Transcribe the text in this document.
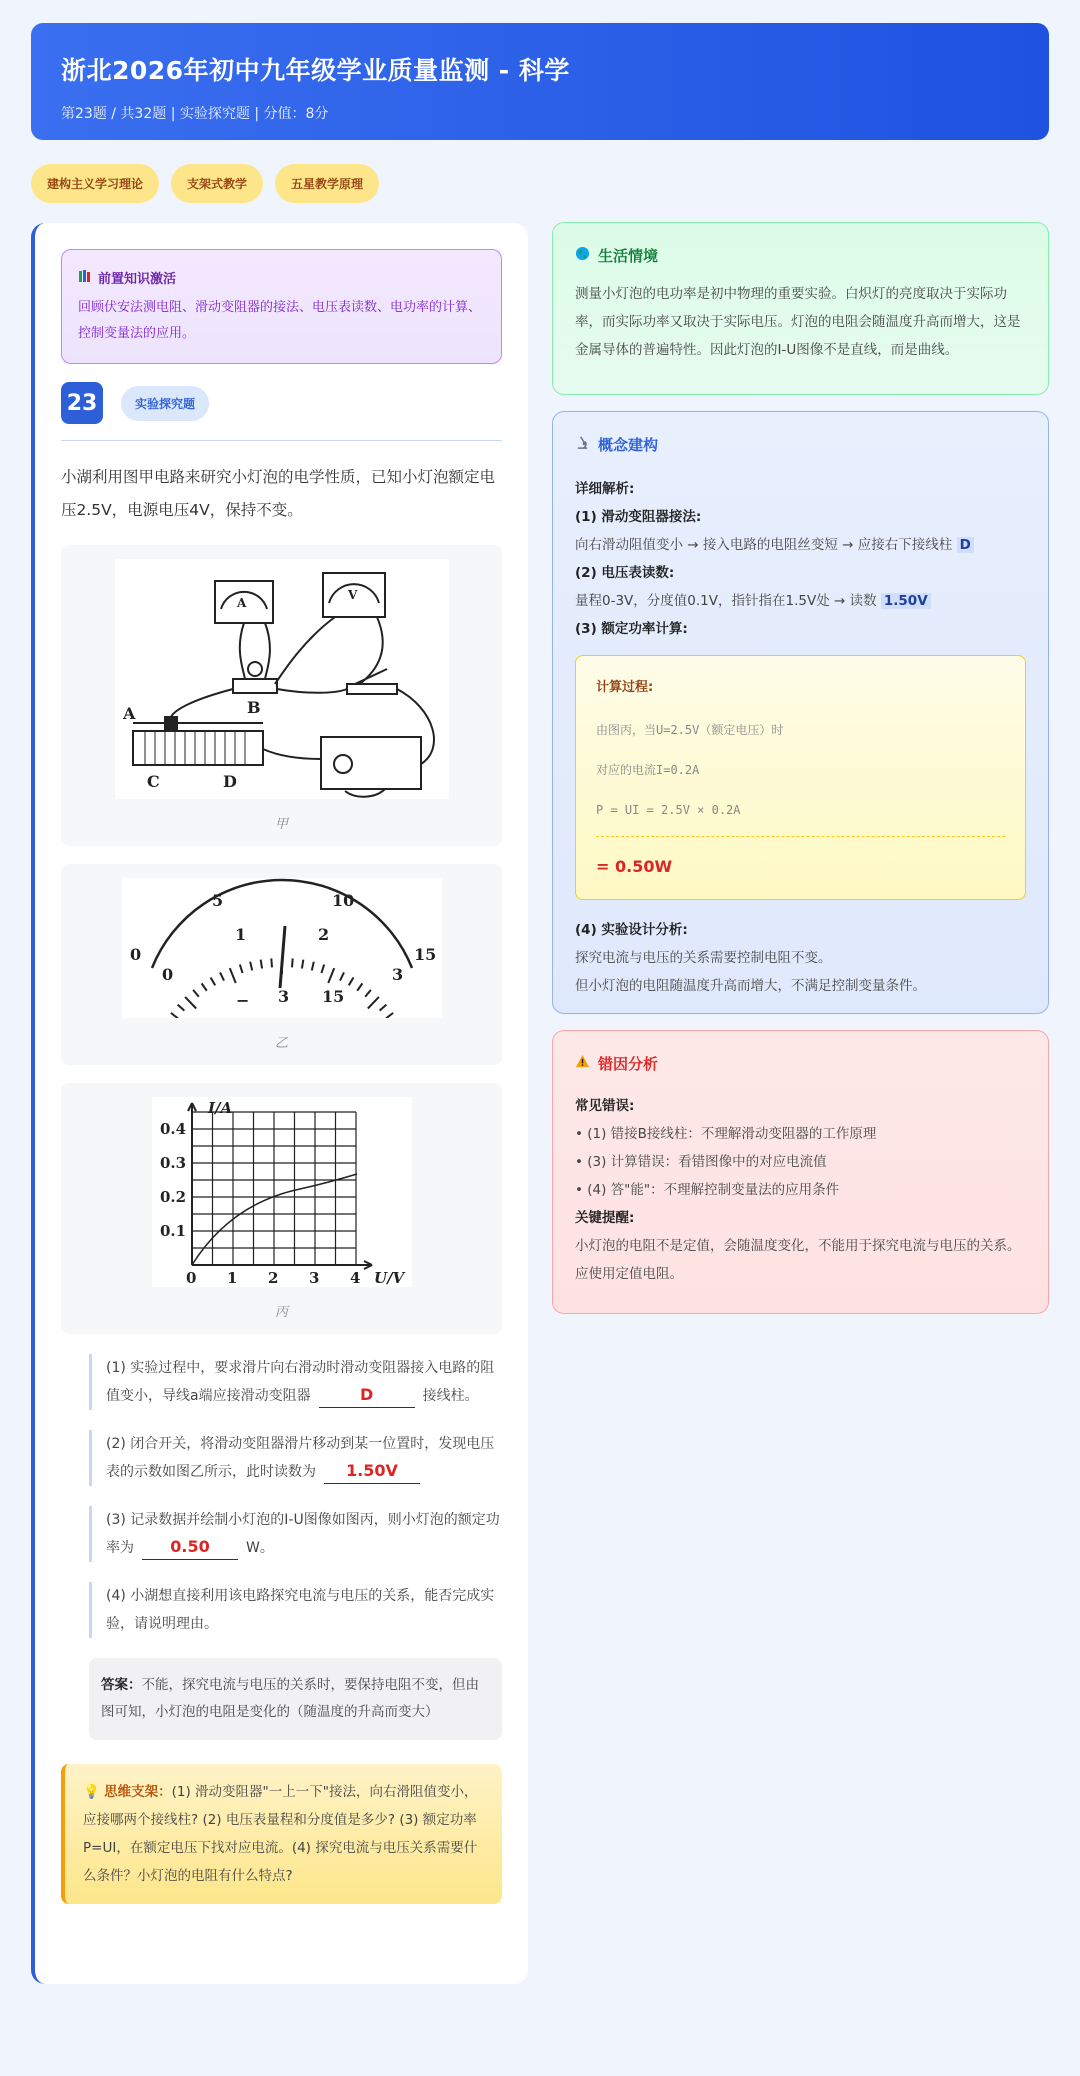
浙北2026年初中九年级学业质量监测 - 科学
第23题 / 共32题 | 实验探究题 | 分值：8分
建构主义学习理论	支架式教学	五星教学原理
前置知识激活
回顾伏安法测电阻、滑动变阻器的接法、电压表读数、电功率的计算、控制变量法的应用。
23	实验探究题
小湖利用图甲电路来研究小灯泡的电学性质，已知小灯泡额定电压2.5V，电源电压4V，保持不变。
A	B
C	D
A
V
甲
0
5	10
15
0
1	2
3
− 3 15
乙
I/A
U/V
0.1
0.2
0.3
0.4
0 1 2 3 4
丙
(1) 实验过程中，要求滑片向右滑动时滑动变阻器接入电路的阻值变小，导线a端应接滑动变阻器	D	接线柱。
(2) 闭合开关，将滑动变阻器滑片移动到某一位置时，发现电压表的示数如图乙所示，此时读数为 1.50V
(3) 记录数据并绘制小灯泡的I-U图像如图丙，则小灯泡的额定功率为 0.50	W。
(4) 小湖想直接利用该电路探究电流与电压的关系，能否完成实验，请说明理由。
答案：不能，探究电流与电压的关系时，要保持电阻不变，但由图可知，小灯泡的电阻是变化的（随温度的升高而变大）
💡 思维支架：(1) 滑动变阻器"一上一下"接法，向右滑阻值变小，应接哪两个接线柱? (2) 电压表量程和分度值是多少? (3) 额定功率P=UI，在额定电压下找对应电流。(4) 探究电流与电压关系需要什么条件？小灯泡的电阻有什么特点?
生活情境
测量小灯泡的电功率是初中物理的重要实验。白炽灯的亮度取决于实际功率，而实际功率又取决于实际电压。灯泡的电阻会随温度升高而增大，这是金属导体的普遍特性。因此灯泡的I-U图像不是直线，而是曲线。
概念建构
详细解析:
(1) 滑动变阻器接法:
向右滑动阻值变小 → 接入电路的电阻丝变短 → 应接右下接线柱 D
(2) 电压表读数:
量程0-3V，分度值0.1V，指针指在1.5V处 → 读数 1.50V
(3) 额定功率计算:
计算过程:
由图丙，当U=2.5V（额定电压）时
对应的电流I=0.2A
P = UI = 2.5V × 0.2A
= 0.50W
(4) 实验设计分析:
探究电流与电压的关系需要控制电阻不变。
但小灯泡的电阻随温度升高而增大，不满足控制变量条件。
错因分析
常见错误:
• (1) 错接B接线柱：不理解滑动变阻器的工作原理
• (3) 计算错误：看错图像中的对应电流值
• (4) 答"能"：不理解控制变量法的应用条件
关键提醒:
小灯泡的电阻不是定值，会随温度变化，不能用于探究电流与电压的关系。应使用定值电阻。
